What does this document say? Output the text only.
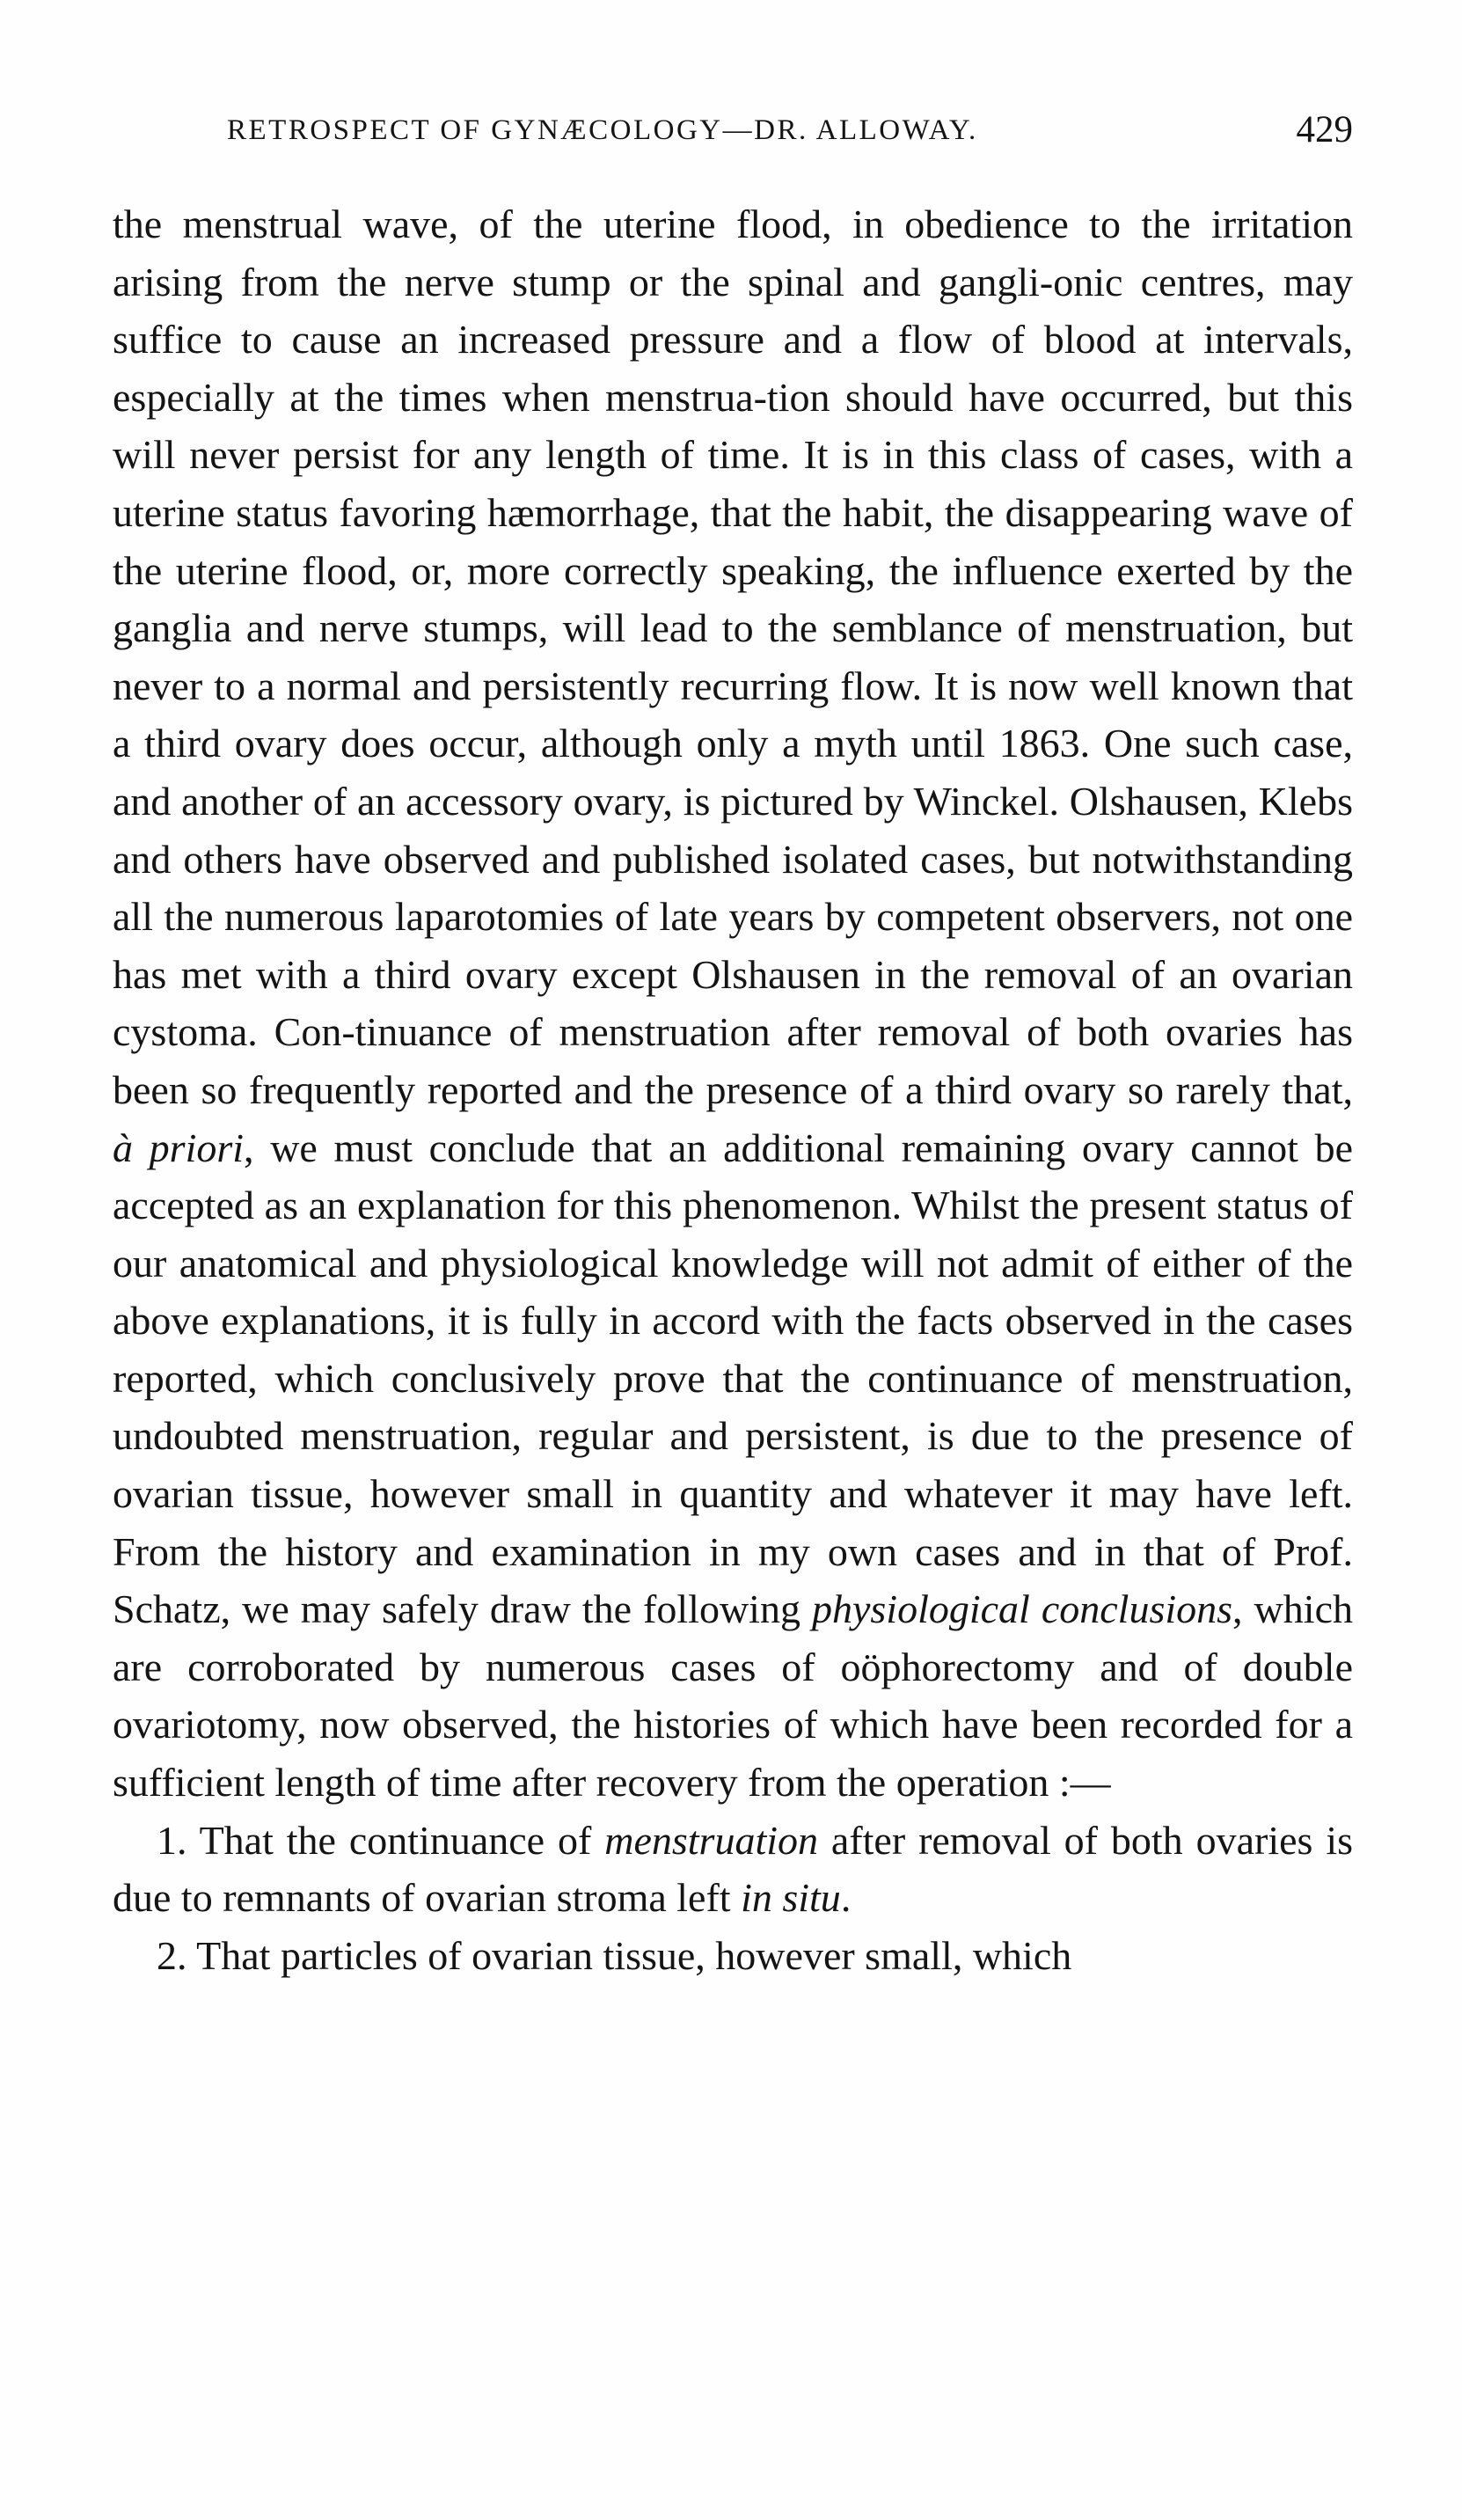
RETROSPECT OF GYNÆCOLOGY—DR. ALLOWAY.	429

the menstrual wave, of the uterine flood, in obedience to the irritation arising from the nerve stump or the spinal and gangli-onic centres, may suffice to cause an increased pressure and a flow of blood at intervals, especially at the times when menstrua-tion should have occurred, but this will never persist for any length of time. It is in this class of cases, with a uterine status favoring hæmorrhage, that the habit, the disappearing wave of the uterine flood, or, more correctly speaking, the influence exerted by the ganglia and nerve stumps, will lead to the semblance of menstruation, but never to a normal and persistently recurring flow. It is now well known that a third ovary does occur, although only a myth until 1863. One such case, and another of an accessory ovary, is pictured by Winckel. Olshausen, Klebs and others have observed and published isolated cases, but notwithstanding all the numerous laparotomies of late years by competent observers, not one has met with a third ovary except Olshausen in the removal of an ovarian cystoma. Con-tinuance of menstruation after removal of both ovaries has been so frequently reported and the presence of a third ovary so rarely that, à priori, we must conclude that an additional remaining ovary cannot be accepted as an explanation for this phenomenon. Whilst the present status of our anatomical and physiological knowledge will not admit of either of the above explanations, it is fully in accord with the facts observed in the cases reported, which conclusively prove that the continuance of menstruation, undoubted menstruation, regular and persistent, is due to the presence of ovarian tissue, however small in quantity and whatever it may have left. From the history and examination in my own cases and in that of Prof. Schatz, we may safely draw the following physiological conclusions, which are corroborated by numerous cases of oöphorectomy and of double ovariotomy, now observed, the histories of which have been recorded for a sufficient length of time after recovery from the operation :—

1. That the continuance of menstruation after removal of both ovaries is due to remnants of ovarian stroma left in situ.

2. That particles of ovarian tissue, however small, which
